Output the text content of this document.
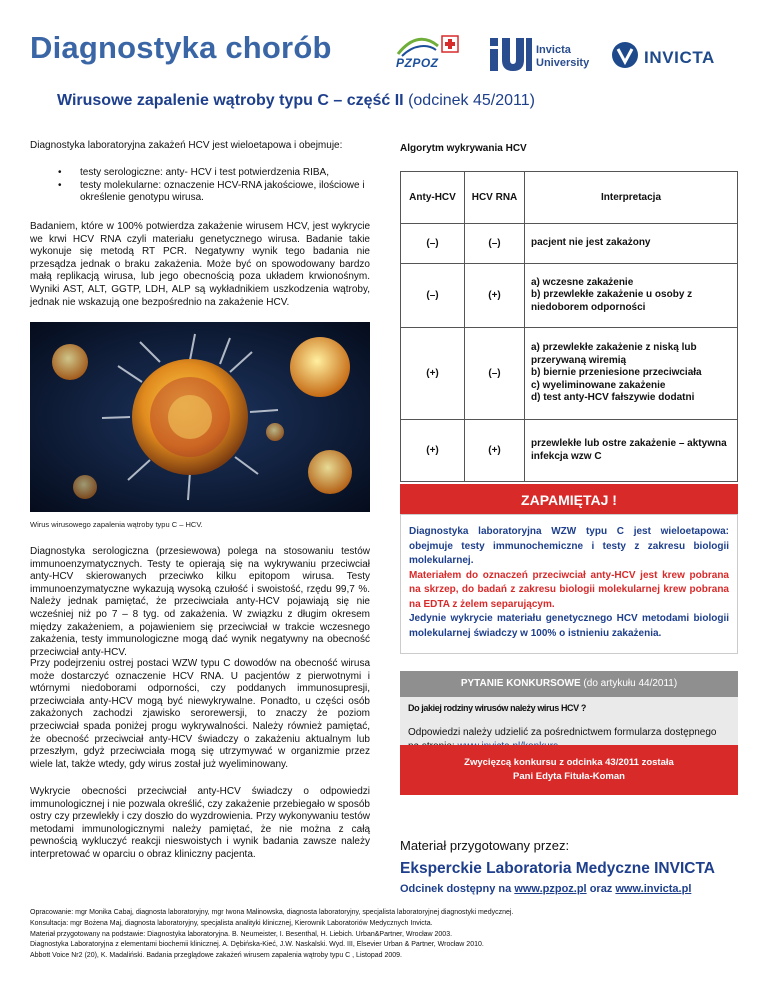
Diagnostyka chorób	PZPOZ
Invicta
University	INVICTA
Wirusowe zapalenie wątroby typu C – część II (odcinek 45/2011)
Diagnostyka laboratoryjna zakażeń HCV jest wieloetapowa i obejmuje:
• testy serologiczne: anty- HCV i test potwierdzenia RIBA,
• testy molekularne: oznaczenie HCV-RNA jakościowe, ilościowe i określenie genotypu wirusa.
Badaniem, które w 100% potwierdza zakażenie wirusem HCV, jest wykrycie we krwi HCV RNA czyli materiału genetycznego wirusa. Badanie takie wykonuje się metodą RT PCR. Negatywny wynik tego badania nie przesądza jednak o braku zakażenia. Może być on spowodowany bardzo małą replikacją wirusa, lub jego obecnością poza układem krwionośnym. Wyniki AST, ALT, GGTP, LDH, ALP są wykładnikiem uszkodzenia wątroby, jednak nie wskazują one bezpośrednio na zakażenie HCV.
Wirus wirusowego zapalenia wątroby typu C – HCV.
Diagnostyka serologiczna (przesiewowa) polega na stosowaniu testów immunoenzymatycznych. Testy te opierają się na wykrywaniu przeciwciał anty-HCV skierowanych przeciwko kilku epitopom wirusa. Testy immunoenzymatyczne wykazują wysoką czułość i swoistość, rzędu 99,7 %. Należy jednak pamiętać, że przeciwciała anty-HCV pojawiają się nie wcześniej niż po 7 – 8 tyg. od zakażenia. W związku z długim okresem między zakażeniem, a pojawieniem się przeciwciał w trakcie wczesnego zakażenia, testy immunologiczne mogą dać wynik negatywny na obecność przeciwciał anty-HCV.
Przy podejrzeniu ostrej postaci WZW typu C dowodów na obecność wirusa może dostarczyć oznaczenie HCV RNA. U pacjentów z pierwotnymi i wtórnymi niedoborami odporności, czy poddanych immunosupresji, przeciwciała anty-HCV mogą być niewykrywalne. Ponadto, u części osób zakażonych zachodzi zjawisko serorewersji, to znaczy że poziom przeciwciał spada poniżej progu wykrywalności. Należy również pamiętać, że obecność przeciwciał anty-HCV świadczy o zakażeniu aktualnym lub przeszłym, gdyż przeciwciała mogą się utrzymywać w organizmie przez wiele lat, także wtedy, gdy wirus został już wyeliminowany.
Wykrycie obecności przeciwciał anty-HCV świadczy o odpowiedzi immunologicznej i nie pozwala określić, czy zakażenie przebiegało w sposób ostry czy przewlekły i czy doszło do wyzdrowienia. Przy wykonywaniu testów metodami immunologicznymi należy pamiętać, że nie można z całą pewnością wykluczyć reakcji nieswoistych i wynik badania zawsze należy interpretować w oparciu o obraz kliniczny pacjenta.
Algorytm wykrywania HCV
Anty-HCV	HCV RNA	Interpretacja
(–)	(–)	pacjent nie jest zakażony

(–)	(+)	a) wczesne zakażenie
b) przewlekłe zakażenie u osoby z niedoborem odporności

(+)	(–)	a) przewlekłe zakażenie z niską lub przerywaną wiremią
b) biernie przeniesione przeciwciała
c) wyeliminowane zakażenie
d) test anty-HCV fałszywie dodatni

(+)	(+)	przewlekłe lub ostre zakażenie – aktywna infekcja wzw C
ZAPAMIĘTAJ !
Diagnostyka laboratoryjna WZW typu C jest wieloetapowa: obejmuje testy immunochemiczne i testy z zakresu biologii molekularnej.
Materiałem do oznaczeń przeciwciał anty-HCV jest krew pobrana na skrzep, do badań z zakresu biologii molekularnej krew pobrana na EDTA z żelem separującym.
Jedynie wykrycie materiału genetycznego HCV metodami biologii molekularnej świadczy w 100% o istnieniu zakażenia.
PYTANIE KONKURSOWE (do artykułu 44/2011)
Do jakiej rodziny wirusów należy wirus HCV ?
Odpowiedzi należy udzielić za pośrednictwem formularza dostępnego
Zwycięzcą konkursu z odcinka 43/2011 została
Pani Edyta Fituła-Koman
Materiał przygotowany przez:
Eksperckie Laboratoria Medyczne INVICTA
Odcinek dostępny na www.pzpoz.pl oraz www.invicta.pl
Opracowanie: mgr Monika Cabaj, diagnosta laboratoryjny, mgr Iwona Malinowska, diagnosta laboratoryjny, specjalista laboratoryjnej diagnostyki medycznej.
Konsultacja: mgr Bożena Maj, diagnosta laboratoryjny, specjalista analityki klinicznej, Kierownik Laboratoriów Medycznych Invicta.
Materiał przygotowany na podstawie: Diagnostyka laboratoryjna. B. Neumeister, I. Besenthal, H. Liebich. Urban&Partner, Wrocław 2003.
Diagnostyka Laboratoryjna z elementami biochemii klinicznej. A. Dębińska-Kieć, J.W. Naskalski. Wyd. III, Elsevier Urban & Partner, Wrocław 2010.
Abbott Voice Nr2 (20), K. Madaliński. Badania przeglądowe zakażeń wirusem zapalenia wątroby typu C , Listopad 2009.
